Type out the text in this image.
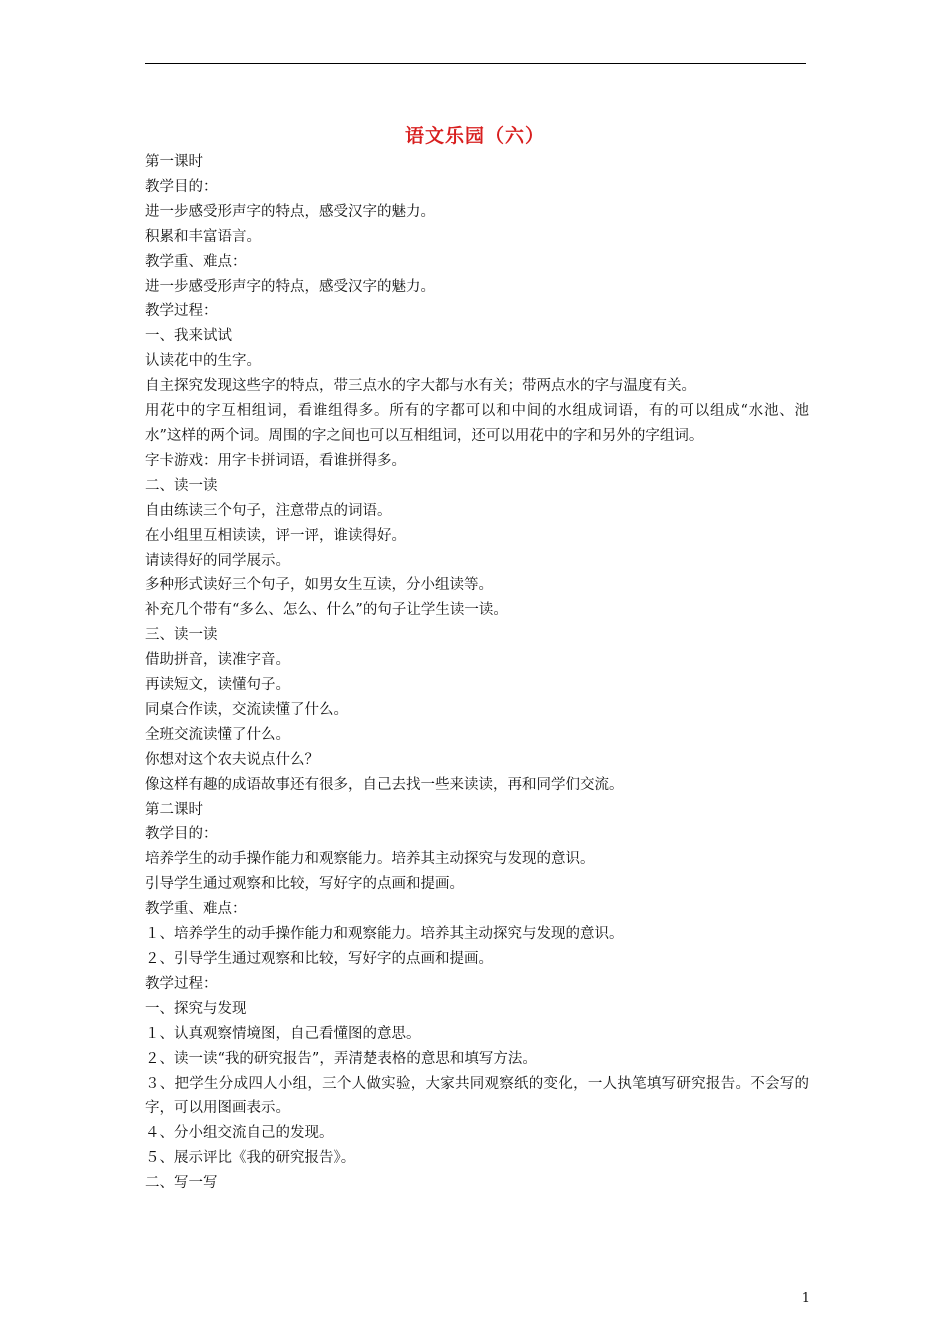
语文乐园（六）

第一课时

教学目的：

进一步感受形声字的特点，感受汉字的魅力。

积累和丰富语言。

教学重、难点：

进一步感受形声字的特点，感受汉字的魅力。

教学过程：

一、我来试试

认读花中的生字。

自主探究发现这些字的特点，带三点水的字大都与水有关；带两点水的字与温度有关。

用花中的字互相组词，看谁组得多。所有的字都可以和中间的水组成词语，有的可以组成“水池、池水”这样的两个词。周围的字之间也可以互相组词，还可以用花中的字和另外的字组词。

字卡游戏：用字卡拼词语，看谁拼得多。

二、读一读

自由练读三个句子，注意带点的词语。

在小组里互相读读，评一评，谁读得好。

请读得好的同学展示。

多种形式读好三个句子，如男女生互读，分小组读等。

补充几个带有“多么、怎么、什么”的句子让学生读一读。

三、读一读

借助拼音，读准字音。

再读短文，读懂句子。

同桌合作读，交流读懂了什么。

全班交流读懂了什么。

你想对这个农夫说点什么？

像这样有趣的成语故事还有很多，自己去找一些来读读，再和同学们交流。

第二课时

教学目的：

培养学生的动手操作能力和观察能力。培养其主动探究与发现的意识。

引导学生通过观察和比较，写好字的点画和提画。

教学重、难点：

１、培养学生的动手操作能力和观察能力。培养其主动探究与发现的意识。

２、引导学生通过观察和比较，写好字的点画和提画。

教学过程：

一、探究与发现

１、认真观察情境图，自己看懂图的意思。

２、读一读“我的研究报告”，弄清楚表格的意思和填写方法。

３、把学生分成四人小组，三个人做实验，大家共同观察纸的变化，一人执笔填写研究报告。不会写的字，可以用图画表示。

４、分小组交流自己的发现。

５、展示评比《我的研究报告》。

二、写一写

1
